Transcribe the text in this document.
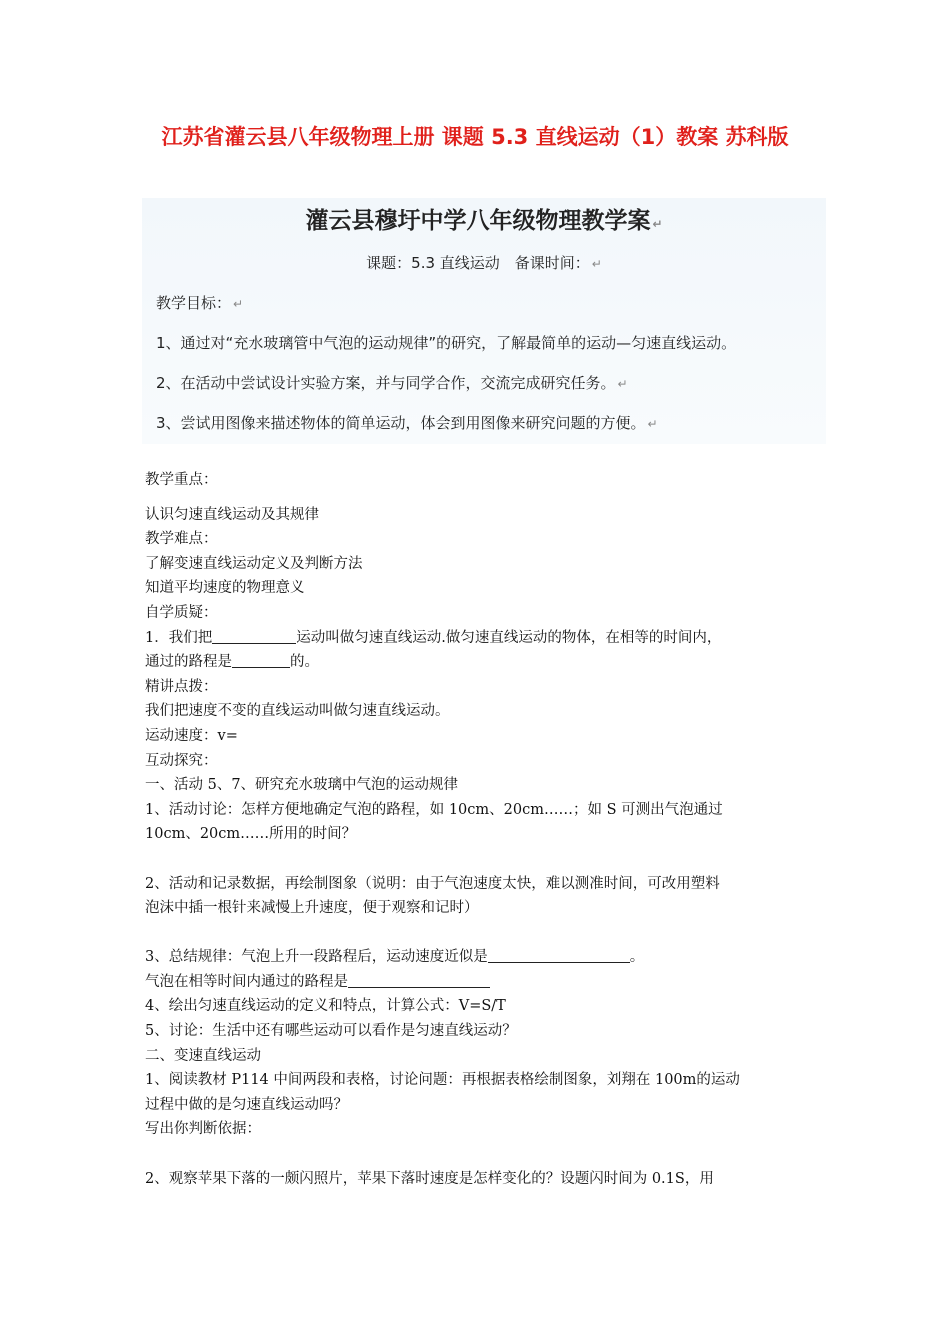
江苏省灌云县八年级物理上册 课题 5.3 直线运动（1）教案 苏科版
灌云县穆圩中学八年级物理教学案 ↵
课题：5.3 直线运动　备课时间： ↵
教学目标： ↵
1、通过对“充水玻璃管中气泡的运动规律”的研究，了解最简单的运动—匀速直线运动。
2、在活动中尝试设计实验方案，并与同学合作，交流完成研究任务。 ↵
3、尝试用图像来描述物体的简单运动，体会到用图像来研究问题的方便。 ↵

教学重点：

认识匀速直线运动及其规律

教学难点：

了解变速直线运动定义及判断方法

知道平均速度的物理意义

自学质疑：

1．我们把	运动叫做匀速直线运动.做匀速直线运动的物体，在相等的时间内，

通过的路程是	的。

精讲点拨：

我们把速度不变的直线运动叫做匀速直线运动。

运动速度：v=

互动探究：

一、活动 5、7、研究充水玻璃中气泡的运动规律

1、活动讨论：怎样方便地确定气泡的路程，如 10cm、20cm……；如 S 可测出气泡通过

10cm、20cm……所用的时间？

2、活动和记录数据，再绘制图象（说明：由于气泡速度太快，难以测准时间，可改用塑料

泡沫中插一根针来减慢上升速度，便于观察和记时）

3、总结规律：气泡上升一段路程后，运动速度近似是	。

气泡在相等时间内通过的路程是

4、绘出匀速直线运动的定义和特点，计算公式：V=S/T

5、讨论：生活中还有哪些运动可以看作是匀速直线运动？

二、变速直线运动

1、阅读教材 P114 中间两段和表格，讨论问题：再根据表格绘制图象，刘翔在 100m的运动

过程中做的是匀速直线运动吗？

写出你判断依据：

2、观察苹果下落的一颇闪照片，苹果下落时速度是怎样变化的？设题闪时间为 0.1S，用
